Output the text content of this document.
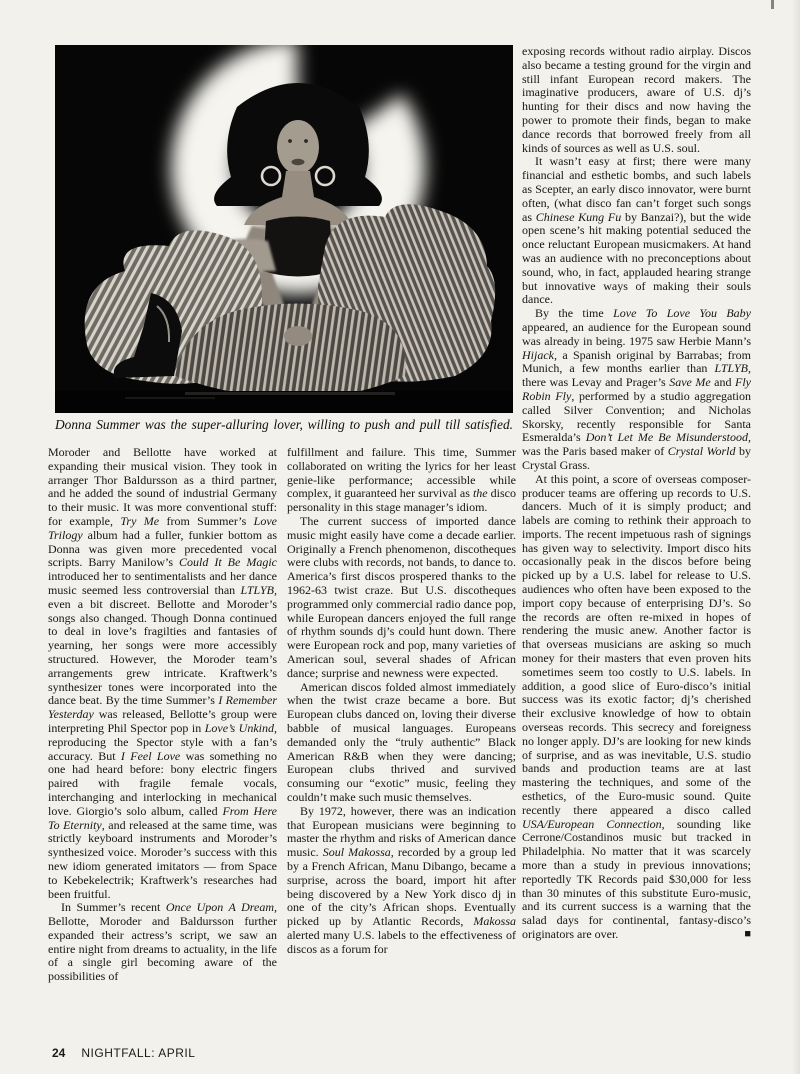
Donna Summer was the super-alluring lover, willing to push and pull till satisfied.

Moroder and Bellotte have worked at expanding their musical vision. They took in arranger Thor Baldursson as a third partner, and he added the sound of industrial Germany to their music. It was more conventional stuff: for example, Try Me from Summer’s Love Trilogy album had a fuller, funkier bottom as Donna was given more precedented vocal scripts. Barry Manilow’s Could It Be Magic introduced her to sentimentalists and her dance music seemed less controversial than LTLYB, even a bit discreet. Bellotte and Moroder’s songs also changed. Though Donna continued to deal in love’s fragilties and fantasies of yearning, her songs were more accessibly structured. However, the Moroder team’s arrangements grew intricate. Kraftwerk’s synthesizer tones were incorporated into the dance beat. By the time Summer’s I Remember Yesterday was released, Bellotte’s group were interpreting Phil Spector pop in Love’s Unkind, reproducing the Spector style with a fan’s accuracy. But I Feel Love was something no one had heard before: bony electric fingers paired with fragile female vocals, interchanging and interlocking in mechanical love. Giorgio’s solo album, called From Here To Eternity, and released at the same time, was strictly keyboard instruments and Moroder’s synthesized voice. Moroder’s success with this new idiom generated imitators — from Space to Kebekelectrik; Kraftwerk’s researches had been fruitful.

In Summer’s recent Once Upon A Dream, Bellotte, Moroder and Baldursson further expanded their actress’s script, we saw an entire night from dreams to actuality, in the life of a single girl becoming aware of the possibilities of

fulfillment and failure. This time, Summer collaborated on writing the lyrics for her least genie-like performance; accessible while complex, it guaranteed her survival as the disco personality in this stage manager’s idiom.

The current success of imported dance music might easily have come a decade earlier. Originally a French phenomenon, discotheques were clubs with records, not bands, to dance to. America’s first discos prospered thanks to the 1962-63 twist craze. But U.S. discotheques programmed only commercial radio dance pop, while European dancers enjoyed the full range of rhythm sounds dj’s could hunt down. There were European rock and pop, many varieties of American soul, several shades of African dance; surprise and newness were expected.

American discos folded almost immediately when the twist craze became a bore. But European clubs danced on, loving their diverse babble of musical languages. Europeans demanded only the “truly authentic” Black American R&B when they were dancing; European clubs thrived and survived consuming our “exotic” music, feeling they couldn’t make such music themselves.

By 1972, however, there was an indication that European musicians were beginning to master the rhythm and risks of American dance music. Soul Makossa, recorded by a group led by a French African, Manu Dibango, became a surprise, across the board, import hit after being discovered by a New York disco dj in one of the city’s African shops. Eventually picked up by Atlantic Records, Makossa alerted many U.S. labels to the effectiveness of discos as a forum for

exposing records without radio airplay. Discos also became a testing ground for the virgin and still infant European record makers. The imaginative producers, aware of U.S. dj’s hunting for their discs and now having the power to promote their finds, began to make dance records that borrowed freely from all kinds of sources as well as U.S. soul.

It wasn’t easy at first; there were many financial and esthetic bombs, and such labels as Scepter, an early disco innovator, were burnt often, (what disco fan can’t forget such songs as Chinese Kung Fu by Banzai?), but the wide open scene’s hit making potential seduced the once reluctant European musicmakers. At hand was an audience with no preconceptions about sound, who, in fact, applauded hearing strange but innovative ways of making their souls dance.

By the time Love To Love You Baby appeared, an audience for the European sound was already in being. 1975 saw Herbie Mann’s Hijack, a Spanish original by Barrabas; from Munich, a few months earlier than LTLYB, there was Levay and Prager’s Save Me and Fly Robin Fly, performed by a studio aggregation called Silver Convention; and Nicholas Skorsky, recently responsible for Santa Esmeralda’s Don’t Let Me Be Misunderstood, was the Paris based maker of Crystal World by Crystal Grass.

At this point, a score of overseas composer-producer teams are offering up records to U.S. dancers. Much of it is simply product; and labels are coming to rethink their approach to imports. The recent impetuous rash of signings has given way to selectivity. Import disco hits occasionally peak in the discos before being picked up by a U.S. label for release to U.S. audiences who often have been exposed to the import copy because of enterprising DJ’s. So the records are often re-mixed in hopes of rendering the music anew. Another factor is that overseas musicians are asking so much money for their masters that even proven hits sometimes seem too costly to U.S. labels. In addition, a good slice of Euro-disco’s initial success was its exotic factor; dj’s cherished their exclusive knowledge of how to obtain overseas records. This secrecy and foreigness no longer apply. DJ’s are looking for new kinds of surprise, and as was inevitable, U.S. studio bands and production teams are at last mastering the techniques, and some of the esthetics, of the Euro-music sound. Quite recently there appeared a disco called USA/European Connection, sounding like Cerrone/Costandinos music but tracked in Philadelphia. No matter that it was scarcely more than a study in previous innovations; reportedly TK Records paid $30,000 for less than 30 minutes of this substitute Euro-music, and its current success is a warning that the salad days for continental, fantasy-disco’s originators are over.	■

24 NIGHTFALL: APRIL
